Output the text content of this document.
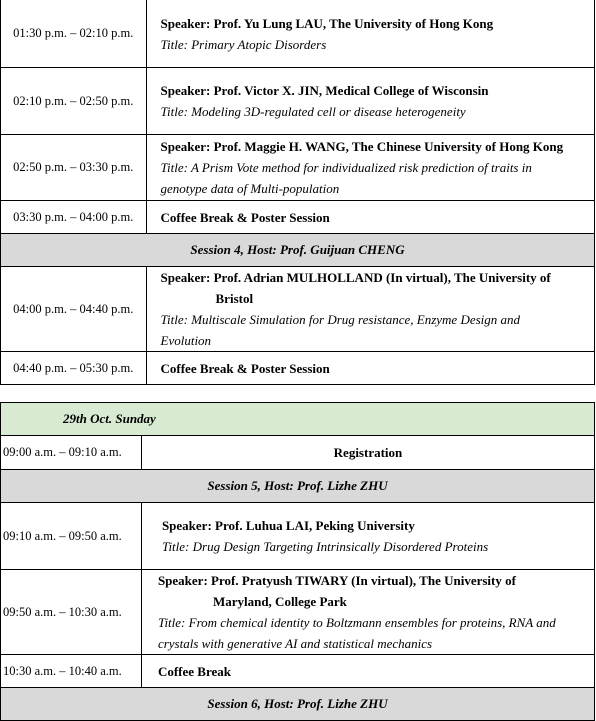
01:30 p.m. – 02:10 p.m.	Speaker: Prof. Yu Lung LAU, The University of Hong Kong
Title: Primary Atopic Disorders

02:10 p.m. – 02:50 p.m.	Speaker: Prof. Victor X. JIN, Medical College of Wisconsin
Title: Modeling 3D-regulated cell or disease heterogeneity

02:50 p.m. – 03:30 p.m.	Speaker: Prof. Maggie H. WANG, The Chinese University of Hong Kong
Title: A Prism Vote method for individualized risk prediction of traits in
genotype data of Multi-population

03:30 p.m. – 04:00 p.m.	Coffee Break & Poster Session
Session 4, Host: Prof. Guijuan CHENG	
04:00 p.m. – 04:40 p.m.	Speaker: Prof. Adrian MULHOLLAND (In virtual), The University of
Bristol
Title: Multiscale Simulation for Drug resistance, Enzyme Design and
Evolution

04:40 p.m. – 05:30 p.m.	Coffee Break & Poster Session
29th Oct. Sunday	
09:00 a.m. – 09:10 a.m.	Registration
Session 5, Host: Prof. Lizhe ZHU	
09:10 a.m. – 09:50 a.m.	Speaker: Prof. Luhua LAI, Peking University
Title: Drug Design Targeting Intrinsically Disordered Proteins

09:50 a.m. – 10:30 a.m.	Speaker: Prof. Pratyush TIWARY (In virtual), The University of
Maryland, College Park
Title: From chemical identity to Boltzmann ensembles for proteins, RNA and
crystals with generative AI and statistical mechanics

10:30 a.m. – 10:40 a.m.	Coffee Break
Session 6, Host: Prof. Lizhe ZHU	
